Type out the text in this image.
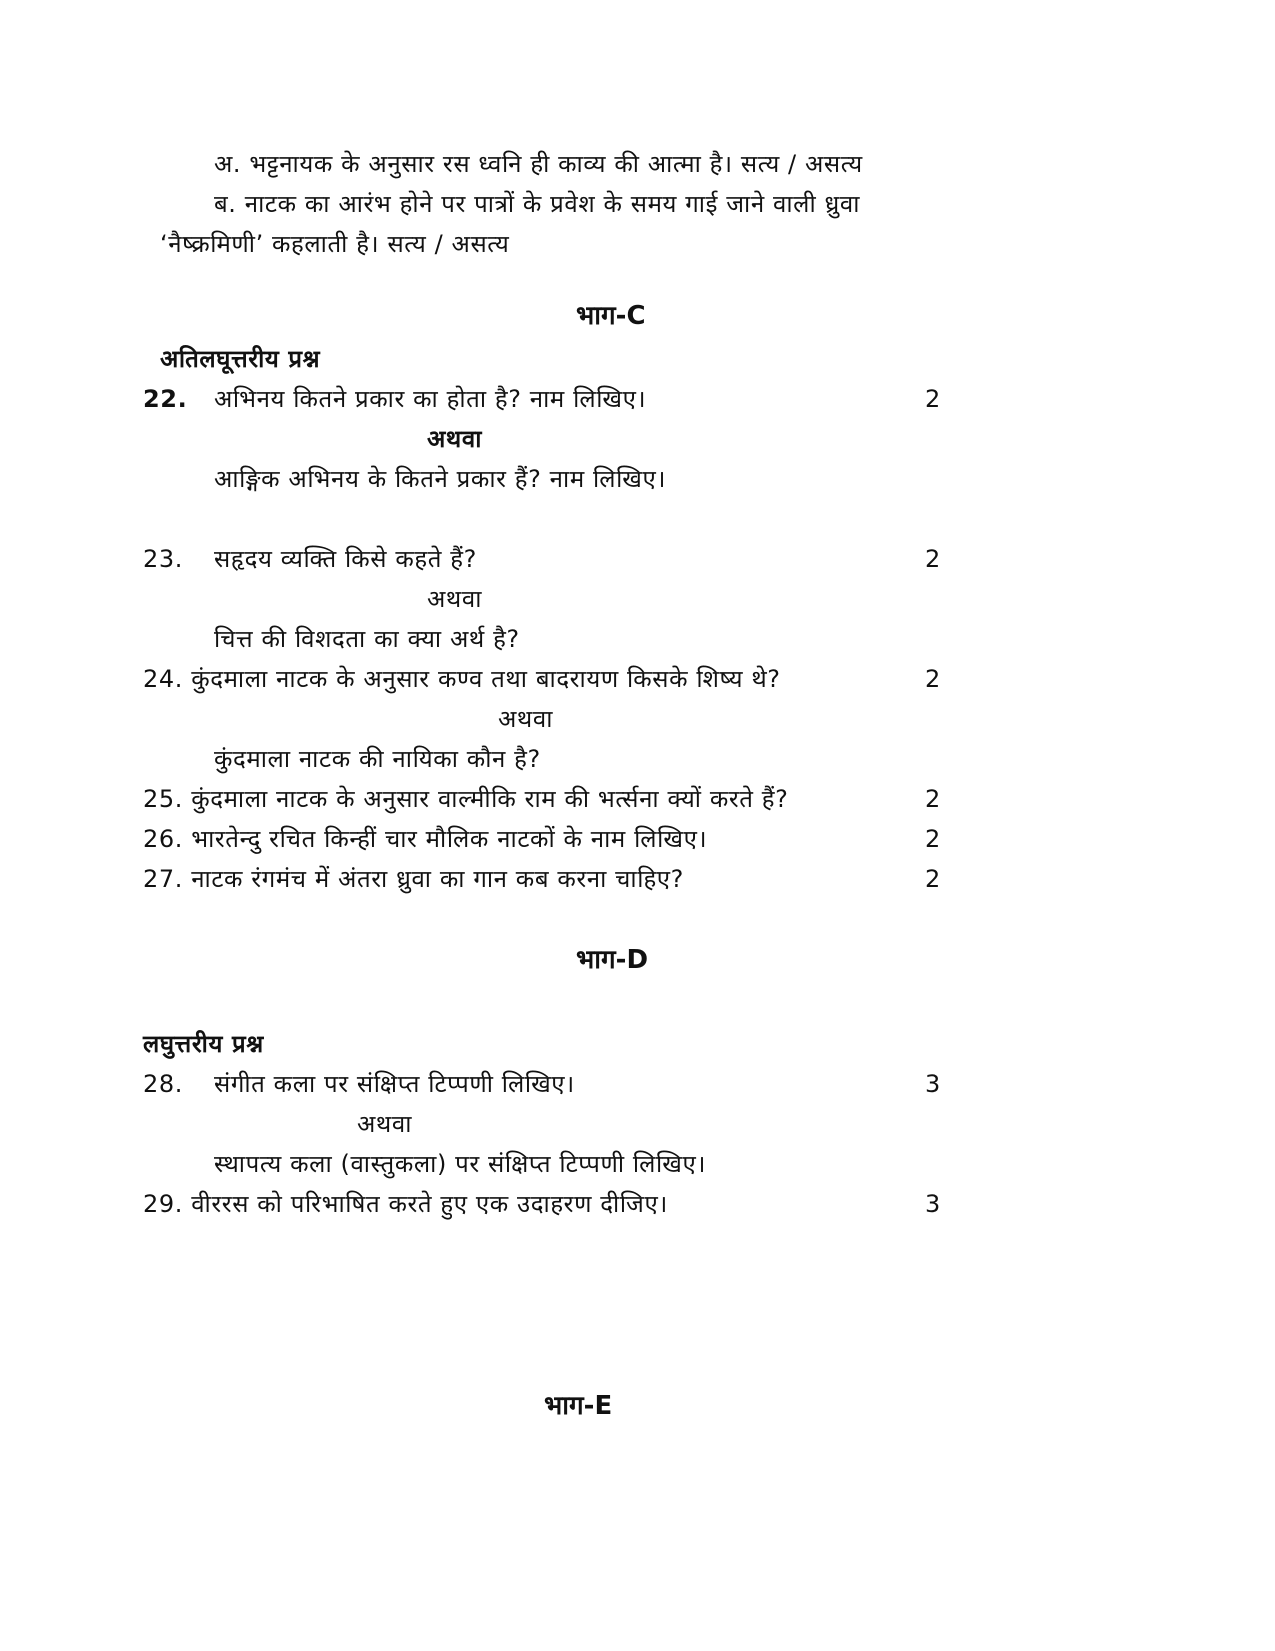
अ. भट्टनायक के अनुसार रस ध्वनि ही काव्य की आत्मा है। सत्य / असत्य
ब. नाटक का आरंभ होने पर पात्रों के प्रवेश के समय गाई जाने वाली ध्रुवा
‘नैष्क्रमिणी’ कहलाती है। सत्य / असत्य
भाग-C
अतिलघूत्तरीय प्रश्न
22. अभिनय कितने प्रकार का होता है? नाम लिखिए।	2
अथवा
आङ्गिक अभिनय के कितने प्रकार हैं? नाम लिखिए।
23. सहृदय व्यक्ति किसे कहते हैं?	2
अथवा
चित्त की विशदता का क्या अर्थ है?
24. कुंदमाला नाटक के अनुसार कण्व तथा बादरायण किसके शिष्य थे?	2
अथवा
कुंदमाला नाटक की नायिका कौन है?
25. कुंदमाला नाटक के अनुसार वाल्मीकि राम की भर्त्सना क्यों करते हैं?	2
26. भारतेन्दु रचित किन्हीं चार मौलिक नाटकों के नाम लिखिए।	2
27. नाटक रंगमंच में अंतरा ध्रुवा का गान कब करना चाहिए?	2
भाग-D
लघुत्तरीय प्रश्न
28. संगीत कला पर संक्षिप्त टिप्पणी लिखिए।	3
अथवा
स्थापत्य कला (वास्तुकला) पर संक्षिप्त टिप्पणी लिखिए।
29. वीररस को परिभाषित करते हुए एक उदाहरण दीजिए।	3
भाग-E
